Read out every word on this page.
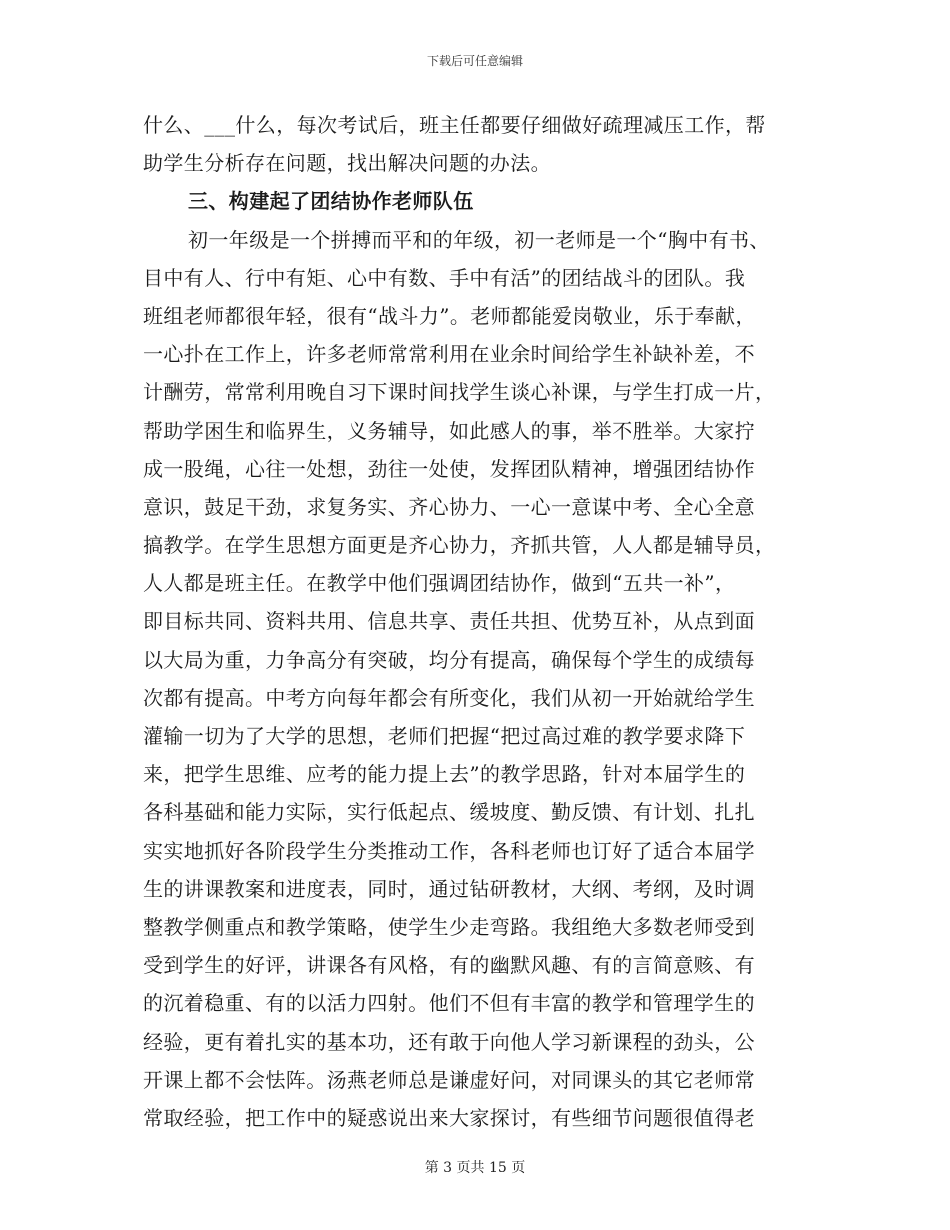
下载后可任意编辑
什么、___什么，每次考试后，班主任都要仔细做好疏理减压工作，帮
助学生分析存在问题，找出解决问题的办法。
三、构建起了团结协作老师队伍
初一年级是一个拼搏而平和的年级，初一老师是一个“胸中有书、
目中有人、行中有矩、心中有数、手中有活”的团结战斗的团队。我
班组老师都很年轻，很有“战斗力”。老师都能爱岗敬业，乐于奉献，
一心扑在工作上，许多老师常常利用在业余时间给学生补缺补差，不
计酬劳，常常利用晚自习下课时间找学生谈心补课，与学生打成一片，
帮助学困生和临界生，义务辅导，如此感人的事，举不胜举。大家拧
成一股绳，心往一处想，劲往一处使，发挥团队精神，增强团结协作
意识，鼓足干劲，求复务实、齐心协力、一心一意谋中考、全心全意
搞教学。在学生思想方面更是齐心协力，齐抓共管，人人都是辅导员，
人人都是班主任。在教学中他们强调团结协作，做到“五共一补”，
即目标共同、资料共用、信息共享、责任共担、优势互补，从点到面
以大局为重，力争高分有突破，均分有提高，确保每个学生的成绩每
次都有提高。中考方向每年都会有所变化，我们从初一开始就给学生
灌输一切为了大学的思想，老师们把握“把过高过难的教学要求降下
来，把学生思维、应考的能力提上去”的教学思路，针对本届学生的
各科基础和能力实际，实行低起点、缓坡度、勤反馈、有计划、扎扎
实实地抓好各阶段学生分类推动工作，各科老师也订好了适合本届学
生的讲课教案和进度表，同时，通过钻研教材，大纲、考纲，及时调
整教学侧重点和教学策略，使学生少走弯路。我组绝大多数老师受到
受到学生的好评，讲课各有风格，有的幽默风趣、有的言简意赅、有
的沉着稳重、有的以活力四射。他们不但有丰富的教学和管理学生的
经验，更有着扎实的基本功，还有敢于向他人学习新课程的劲头，公
开课上都不会怯阵。汤燕老师总是谦虚好问，对同课头的其它老师常
常取经验，把工作中的疑惑说出来大家探讨，有些细节问题很值得老
第 3 页共 15 页
